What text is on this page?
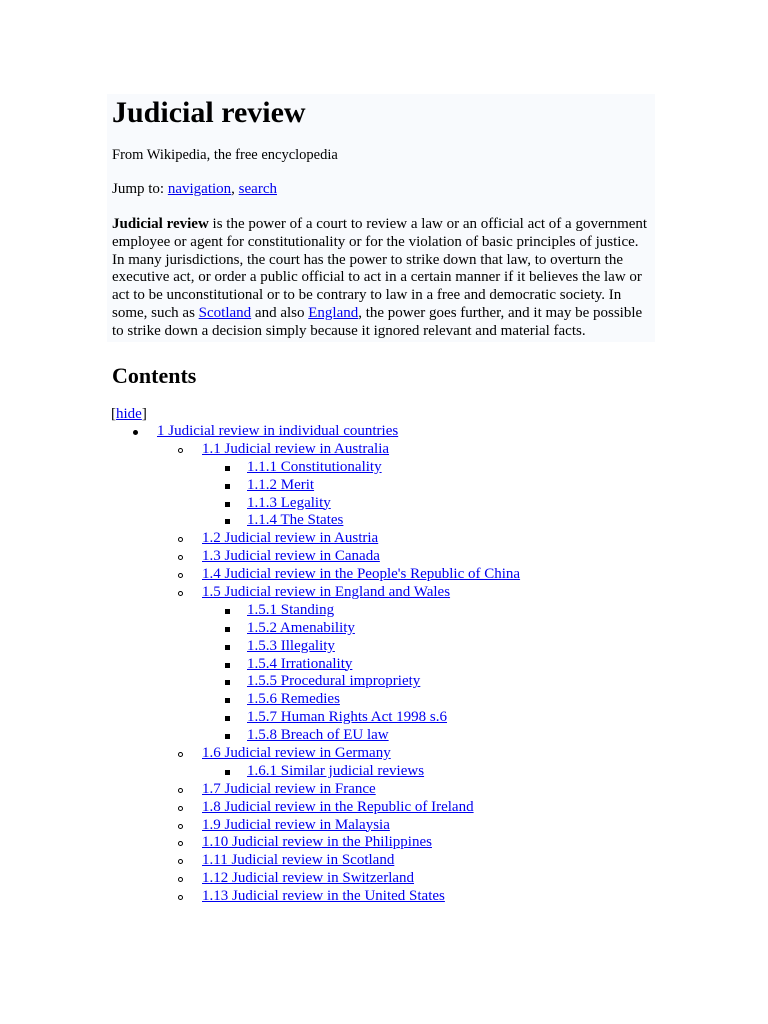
Judicial review
From Wikipedia, the free encyclopedia
Jump to: navigation, search
Judicial review is the power of a court to review a law or an official act of a government employee or agent for constitutionality or for the violation of basic principles of justice. In many jurisdictions, the court has the power to strike down that law, to overturn the executive act, or order a public official to act in a certain manner if it believes the law or act to be unconstitutional or to be contrary to law in a free and democratic society. In some, such as Scotland and also England, the power goes further, and it may be possible to strike down a decision simply because it ignored relevant and material facts.
Contents
[hide]
1 Judicial review in individual countries
1.1 Judicial review in Australia
1.1.1 Constitutionality
1.1.2 Merit
1.1.3 Legality
1.1.4 The States
1.2 Judicial review in Austria
1.3 Judicial review in Canada
1.4 Judicial review in the People's Republic of China
1.5 Judicial review in England and Wales
1.5.1 Standing
1.5.2 Amenability
1.5.3 Illegality
1.5.4 Irrationality
1.5.5 Procedural impropriety
1.5.6 Remedies
1.5.7 Human Rights Act 1998 s.6
1.5.8 Breach of EU law
1.6 Judicial review in Germany
1.6.1 Similar judicial reviews
1.7 Judicial review in France
1.8 Judicial review in the Republic of Ireland
1.9 Judicial review in Malaysia
1.10 Judicial review in the Philippines
1.11 Judicial review in Scotland
1.12 Judicial review in Switzerland
1.13 Judicial review in the United States
